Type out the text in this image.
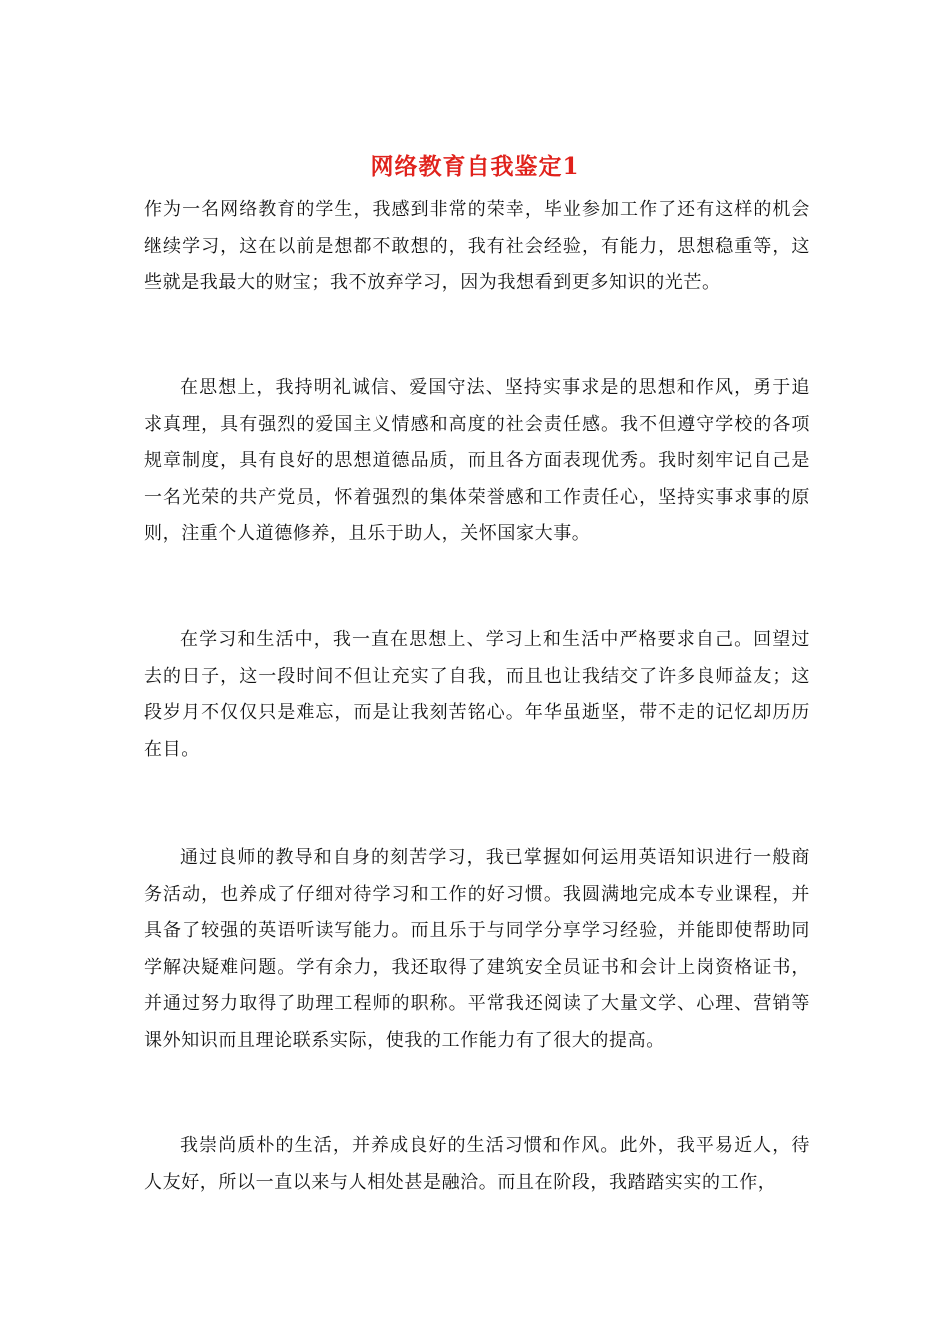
网络教育自我鉴定1

作为一名网络教育的学生，我感到非常的荣幸，毕业参加工作了还有这样的机会继续学习，这在以前是想都不敢想的，我有社会经验，有能力，思想稳重等，这些就是我最大的财宝；我不放弃学习，因为我想看到更多知识的光芒。

在思想上，我持明礼诚信、爱国守法、坚持实事求是的思想和作风，勇于追求真理，具有强烈的爱国主义情感和高度的社会责任感。我不但遵守学校的各项规章制度，具有良好的思想道德品质，而且各方面表现优秀。我时刻牢记自己是一名光荣的共产党员，怀着强烈的集体荣誉感和工作责任心，坚持实事求事的原则，注重个人道德修养，且乐于助人，关怀国家大事。

在学习和生活中，我一直在思想上、学习上和生活中严格要求自己。回望过去的日子，这一段时间不但让充实了自我，而且也让我结交了许多良师益友；这段岁月不仅仅只是难忘，而是让我刻苦铭心。年华虽逝坚，带不走的记忆却历历在目。

通过良师的教导和自身的刻苦学习，我已掌握如何运用英语知识进行一般商务活动，也养成了仔细对待学习和工作的好习惯。我圆满地完成本专业课程，并具备了较强的英语听读写能力。而且乐于与同学分享学习经验，并能即使帮助同学解决疑难问题。学有余力，我还取得了建筑安全员证书和会计上岗资格证书，并通过努力取得了助理工程师的职称。平常我还阅读了大量文学、心理、营销等课外知识而且理论联系实际，使我的工作能力有了很大的提高。

我崇尚质朴的生活，并养成良好的生活习惯和作风。此外，我平易近人，待人友好，所以一直以来与人相处甚是融洽。而且在阶段，我踏踏实实的工作，
